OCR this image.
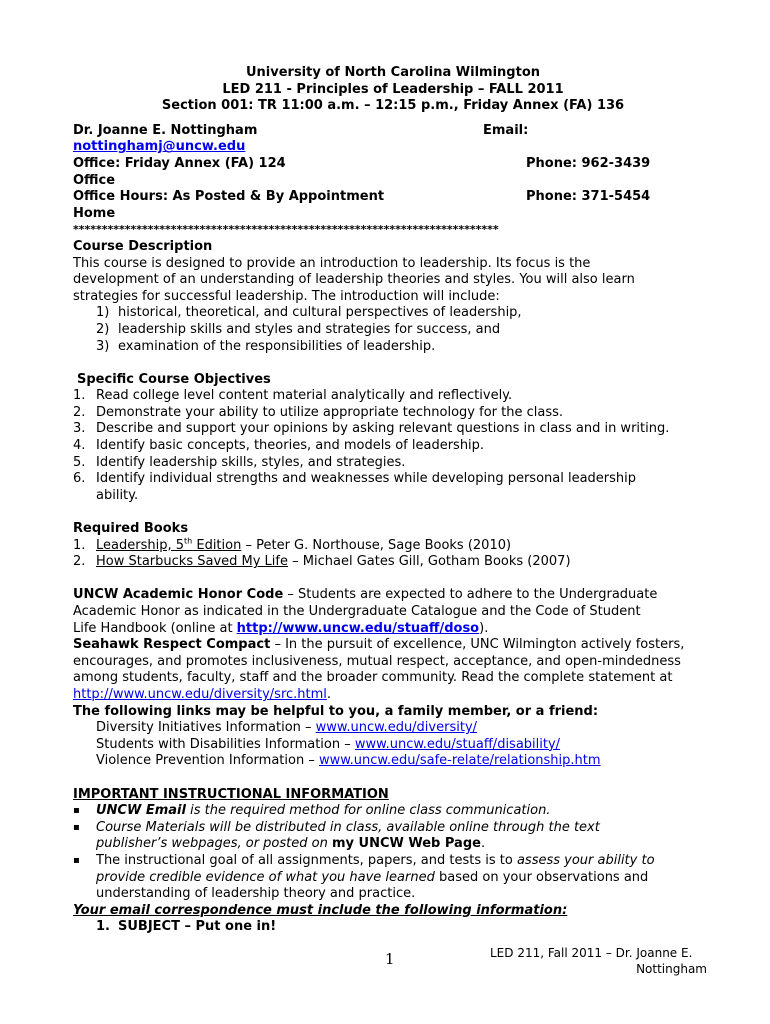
University of North Carolina Wilmington
LED 211 - Principles of Leadership – FALL 2011
Section 001: TR 11:00 a.m. – 12:15 p.m., Friday Annex (FA) 136
Dr. Joanne E. Nottingham	Email:
nottinghamj@uncw.edu
Office: Friday Annex (FA) 124	Phone: 962-3439
Office
Office Hours: As Posted & By Appointment	Phone: 371-5454
Home
**************************************************************************
Course Description
This course is designed to provide an introduction to leadership. Its focus is the
development of an understanding of leadership theories and styles. You will also learn
strategies for successful leadership. The introduction will include:
1) historical, theoretical, and cultural perspectives of leadership,
2) leadership skills and styles and strategies for success, and
3) examination of the responsibilities of leadership.
Specific Course Objectives
1. Read college level content material analytically and reflectively.
2. Demonstrate your ability to utilize appropriate technology for the class.
3. Describe and support your opinions by asking relevant questions in class and in writing.
4. Identify basic concepts, theories, and models of leadership.
5. Identify leadership skills, styles, and strategies.
6. Identify individual strengths and weaknesses while developing personal leadership
ability.
Required Books
1. Leadership, 5th Edition – Peter G. Northouse, Sage Books (2010)
2. How Starbucks Saved My Life – Michael Gates Gill, Gotham Books (2007)
UNCW Academic Honor Code – Students are expected to adhere to the Undergraduate
Academic Honor as indicated in the Undergraduate Catalogue and the Code of Student
Life Handbook (online at http://www.uncw.edu/stuaff/doso).
Seahawk Respect Compact – In the pursuit of excellence, UNC Wilmington actively fosters,
encourages, and promotes inclusiveness, mutual respect, acceptance, and open-mindedness
among students, faculty, staff and the broader community. Read the complete statement at
http://www.uncw.edu/diversity/src.html.
The following links may be helpful to you, a family member, or a friend:
Diversity Initiatives Information – www.uncw.edu/diversity/
Students with Disabilities Information – www.uncw.edu/stuaff/disability/
Violence Prevention Information – www.uncw.edu/safe-relate/relationship.htm
IMPORTANT INSTRUCTIONAL INFORMATION
▪ UNCW Email is the required method for online class communication.
▪ Course Materials will be distributed in class, available online through the text
publisher’s webpages, or posted on my UNCW Web Page.
▪ The instructional goal of all assignments, papers, and tests is to assess your ability to
provide credible evidence of what you have learned based on your observations and
understanding of leadership theory and practice.
Your email correspondence must include the following information:
1. SUBJECT – Put one in!
1	LED 211, Fall 2011 – Dr. Joanne E.
Nottingham
